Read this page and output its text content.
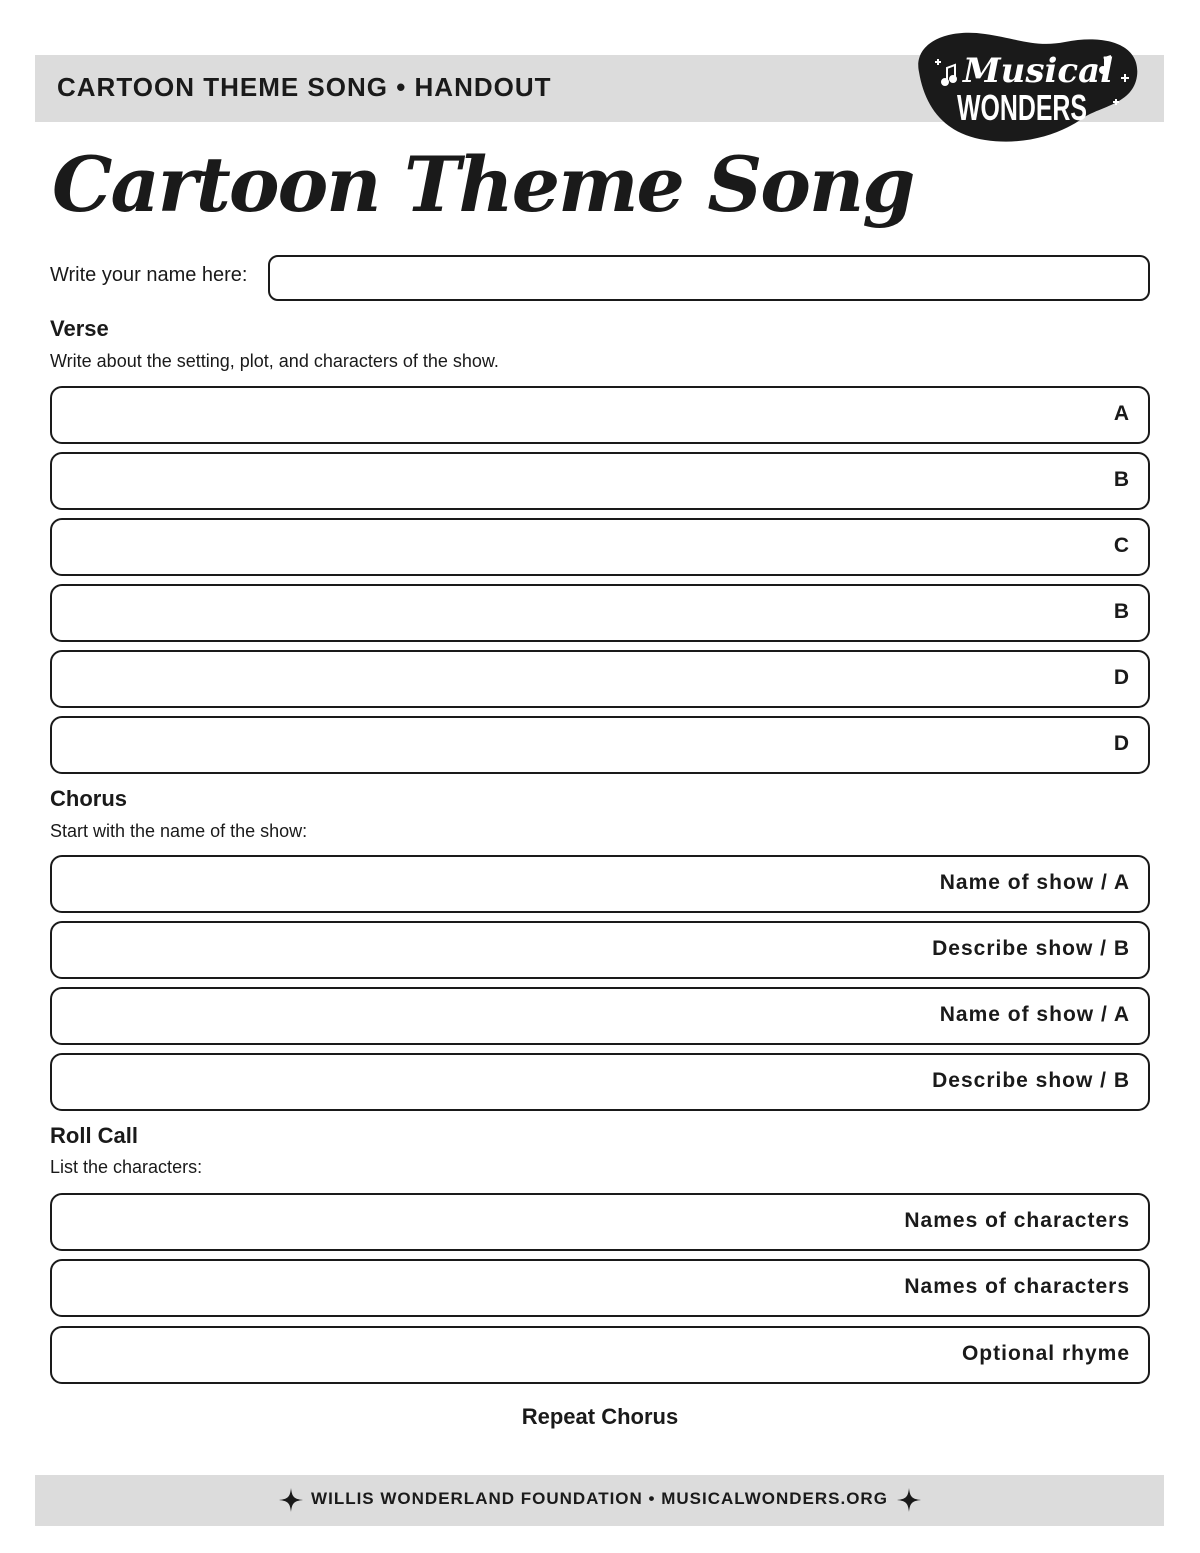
CARTOON THEME SONG • HANDOUT	Musical
WONDERS
Cartoon Theme Song
Write your name here:
Verse
Write about the setting, plot, and characters of the show.
A
B
C
B
D
D
Chorus
Start with the name of the show:
Name of show / A
Describe show / B
Name of show / A
Describe show / B
Roll Call
List the characters:
Names of characters
Names of characters
Optional rhyme
Repeat Chorus
WILLIS WONDERLAND FOUNDATION • MUSICALWONDERS.ORG
